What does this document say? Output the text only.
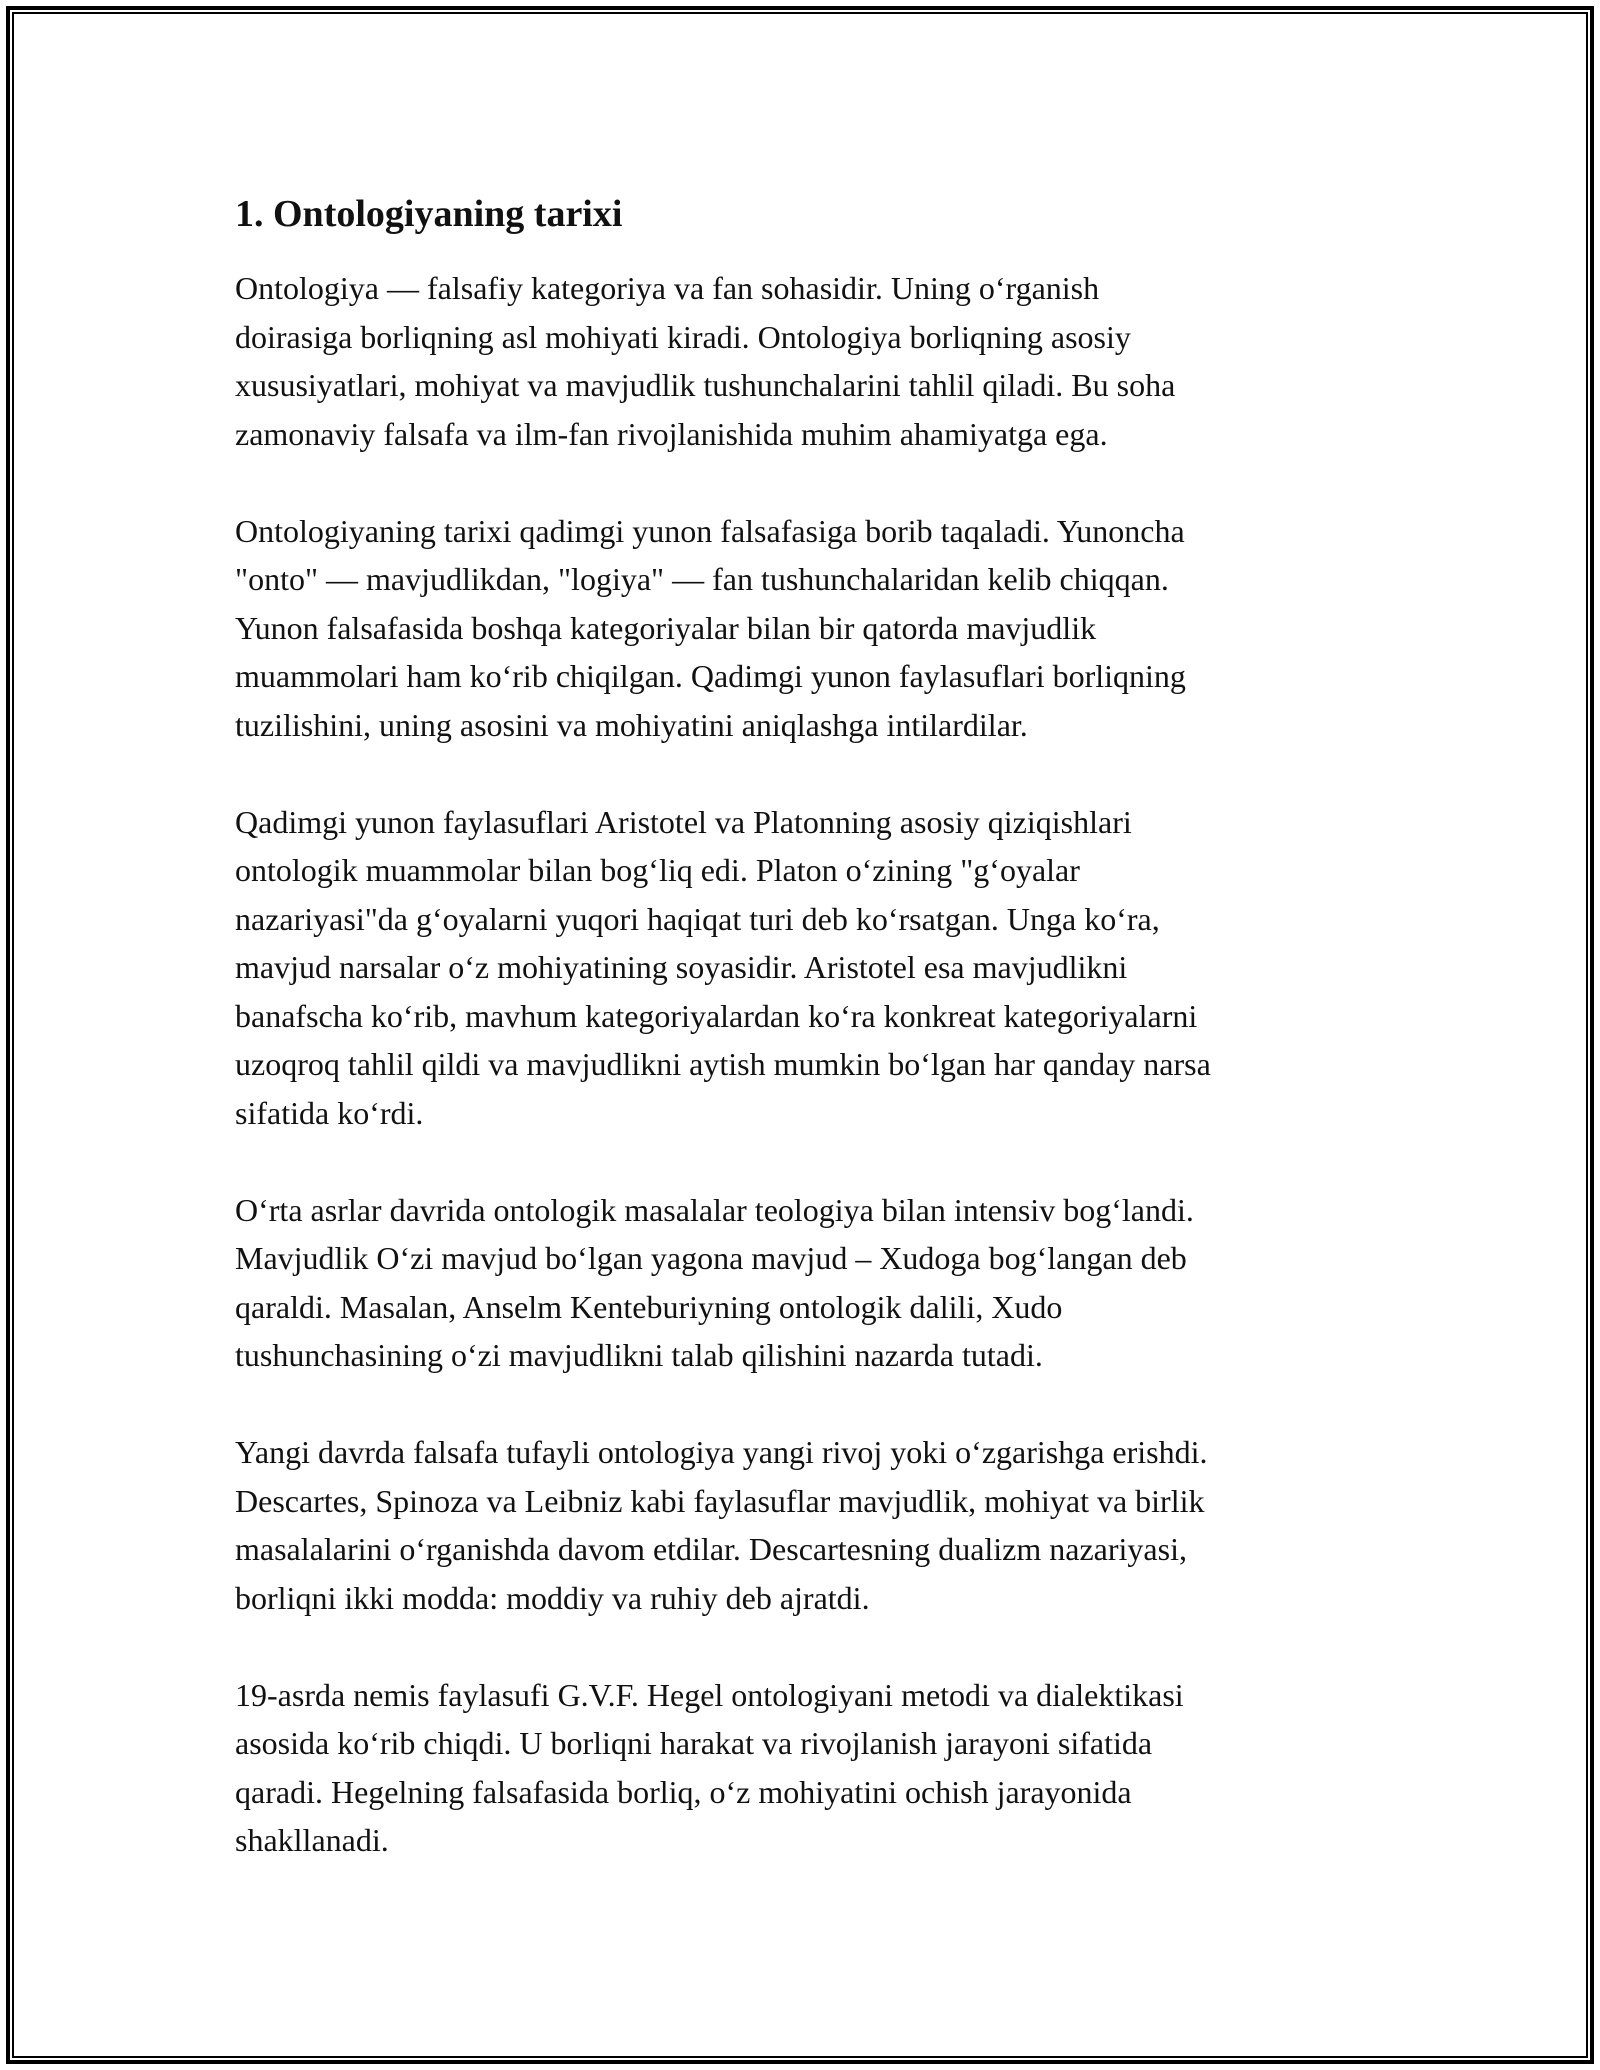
1. Ontologiyaning tarixi

Ontologiya — falsafiy kategoriya va fan sohasidir. Uning oʻrganish
doirasiga borliqning asl mohiyati kiradi. Ontologiya borliqning asosiy
xususiyatlari, mohiyat va mavjudlik tushunchalarini tahlil qiladi. Bu soha
zamonaviy falsafa va ilm-fan rivojlanishida muhim ahamiyatga ega.

Ontologiyaning tarixi qadimgi yunon falsafasiga borib taqaladi. Yunoncha
"onto" — mavjudlikdan, "logiya" — fan tushunchalaridan kelib chiqqan.
Yunon falsafasida boshqa kategoriyalar bilan bir qatorda mavjudlik
muammolari ham koʻrib chiqilgan. Qadimgi yunon faylasuflari borliqning
tuzilishini, uning asosini va mohiyatini aniqlashga intilardilar.

Qadimgi yunon faylasuflari Aristotel va Platonning asosiy qiziqishlari
ontologik muammolar bilan bogʻliq edi. Platon oʻzining "gʻoyalar
nazariyasi"da gʻoyalarni yuqori haqiqat turi deb koʻrsatgan. Unga koʻra,
mavjud narsalar oʻz mohiyatining soyasidir. Aristotel esa mavjudlikni
banafscha koʻrib, mavhum kategoriyalardan koʻra konkreat kategoriyalarni
uzoqroq tahlil qildi va mavjudlikni aytish mumkin boʻlgan har qanday narsa
sifatida koʻrdi.

Oʻrta asrlar davrida ontologik masalalar teologiya bilan intensiv bogʻlandi.
Mavjudlik Oʻzi mavjud boʻlgan yagona mavjud – Xudoga bogʻlangan deb
qaraldi. Masalan, Anselm Kenteburiyning ontologik dalili, Xudo
tushunchasining oʻzi mavjudlikni talab qilishini nazarda tutadi.

Yangi davrda falsafa tufayli ontologiya yangi rivoj yoki oʻzgarishga erishdi.
Descartes, Spinoza va Leibniz kabi faylasuflar mavjudlik, mohiyat va birlik
masalalarini oʻrganishda davom etdilar. Descartesning dualizm nazariyasi,
borliqni ikki modda: moddiy va ruhiy deb ajratdi.

19-asrda nemis faylasufi G.V.F. Hegel ontologiyani metodi va dialektikasi
asosida koʻrib chiqdi. U borliqni harakat va rivojlanish jarayoni sifatida
qaradi. Hegelning falsafasida borliq, oʻz mohiyatini ochish jarayonida
shakllanadi.
